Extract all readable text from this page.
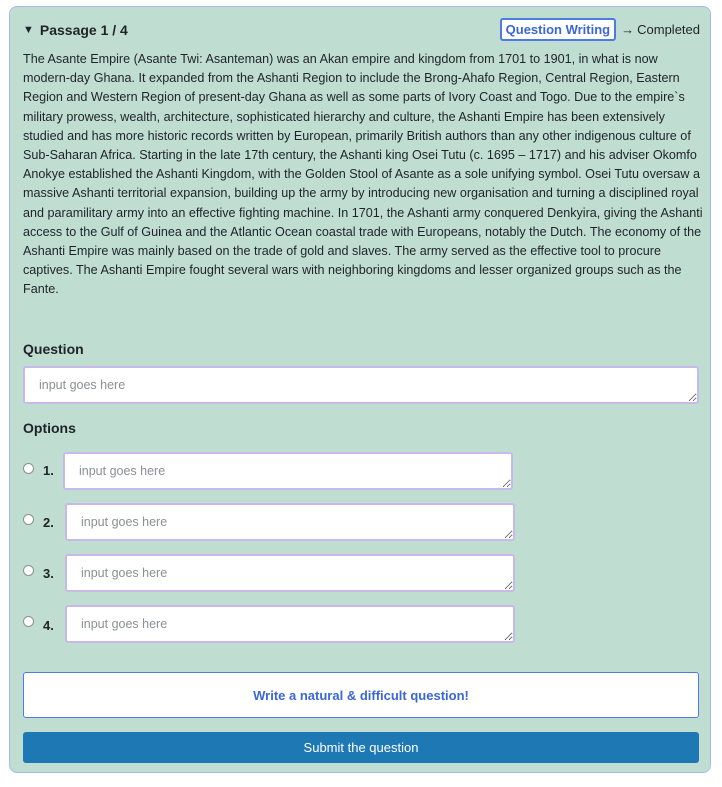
▼ Passage 1 / 4	Question Writing → Completed

The Asante Empire (Asante Twi: Asanteman) was an Akan empire and kingdom from 1701 to 1901, in what is now modern-day Ghana. It expanded from the Ashanti Region to include the Brong-Ahafo Region, Central Region, Eastern Region and Western Region of present-day Ghana as well as some parts of Ivory Coast and Togo. Due to the empire`s military prowess, wealth, architecture, sophisticated hierarchy and culture, the Ashanti Empire has been extensively studied and has more historic records written by European, primarily British authors than any other indigenous culture of Sub-Saharan Africa. Starting in the late 17th century, the Ashanti king Osei Tutu (c. 1695 – 1717) and his adviser Okomfo Anokye established the Ashanti Kingdom, with the Golden Stool of Asante as a sole unifying symbol. Osei Tutu oversaw a massive Ashanti territorial expansion, building up the army by introducing new organisation and turning a disciplined royal and paramilitary army into an effective fighting machine. In 1701, the Ashanti army conquered Denkyira, giving the Ashanti access to the Gulf of Guinea and the Atlantic Ocean coastal trade with Europeans, notably the Dutch. The economy of the Ashanti Empire was mainly based on the trade of gold and slaves. The army served as the effective tool to procure captives. The Ashanti Empire fought several wars with neighboring kingdoms and lesser organized groups such as the Fante.

Question
input goes here
Options
1.
input goes here
2.
input goes here
3.
input goes here
4.
input goes here
Write a natural & difficult question!
Submit the question
